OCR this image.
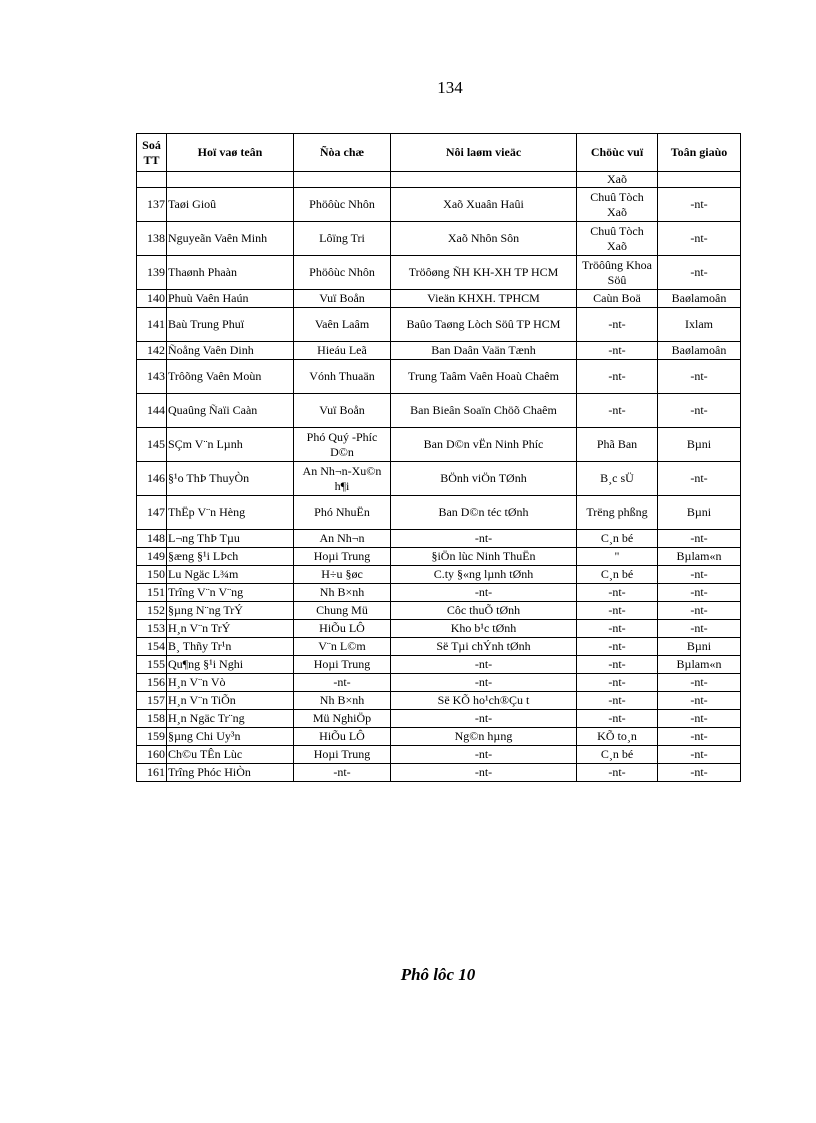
134
Soá TT	Hoï vaø teân	Ñòa chæ	Nôi laøm vieäc	Chöùc vuï	Toân giaùo
				Xaõ	
137	Taøi Gioû	Phöôùc Nhôn	Xaõ Xuaân Haûi	Chuû Tòch Xaõ	-nt-
138	Nguyeãn Vaên Minh	Lôïng Tri	Xaõ Nhôn Sôn	Chuû Tòch Xaõ	-nt-
139	Thaønh Phaàn	Phöôùc Nhôn	Tröôøng ÑH KH-XH TP HCM	Tröôûng Khoa Söû	-nt-
140	Phuù Vaên Haún	Vuï Boån	Vieän KHXH. TPHCM	Caùn Boä	Baølamoân
141	Baù Trung Phuï	Vaên Laâm	Baûo Taøng Lòch Söû TP HCM	-nt-	Ixlam
142	Ñoång Vaên Dinh	Hieáu Leã	Ban Daân Vaän Tænh	-nt-	Baølamoân
143	Trôõng Vaên Moùn	Vónh Thuaän	Trung Taâm Vaên Hoaù Chaêm	-nt-	-nt-
144	Quaûng Ñaïi Caàn	Vuï Boån	Ban Bieân Soaïn Chöõ Chaêm	-nt-	-nt-
145	SÇm V¨n Lµnh	Phó Quý -Phíc D©n	Ban D©n vËn Ninh Phíc	Phã Ban	Bµni
146	§¹o ThÞ ThuyÒn	An Nh¬n-Xu©n h¶i	BÖnh viÖn TØnh	B¸c sÜ	-nt-
147	ThËp V¨n Hèng	Phó NhuËn	Ban D©n téc tØnh	Trëng phßng	Bµni
148	L¬ng ThÞ Tµu	An Nh¬n	-nt-	C¸n bé	-nt-
149	§æng §¹i LÞch	Hoµi Trung	§iÖn lùc Ninh ThuËn	"	Bµlam«n
150	Lu Ngäc L¾m	H÷u §øc	C.ty §«ng lµnh tØnh	C¸n bé	-nt-
151	Trîng V¨n V¨ng	Nh B×nh	-nt-	-nt-	-nt-
152	§µng N¨ng TrÝ	Chung Mü	Côc thuÕ tØnh	-nt-	-nt-
153	H¸n V¨n TrÝ	HiÕu LÔ	Kho b¹c tØnh	-nt-	-nt-
154	B¸ Thñy Tr¹n	V¨n L©m	Së Tµi chÝnh tØnh	-nt-	Bµni
155	Qu¶ng §¹i Nghi	Hoµi Trung	-nt-	-nt-	Bµlam«n
156	H¸n V¨n Vò	-nt-	-nt-	-nt-	-nt-
157	H¸n V¨n TiÕn	Nh B×nh	Së KÕ ho¹ch®Çu t	-nt-	-nt-
158	H¸n Ngäc Tr¨ng	Mü NghiÖp	-nt-	-nt-	-nt-
159	§µng Chi Uy³n	HiÕu LÔ	Ng©n hµng	KÕ to¸n	-nt-
160	Ch©u TÊn Lùc	Hoµi Trung	-nt-	C¸n bé	-nt-
161	Trîng Phóc HiÒn	-nt-	-nt-	-nt-	-nt-
Phô lôc 10
